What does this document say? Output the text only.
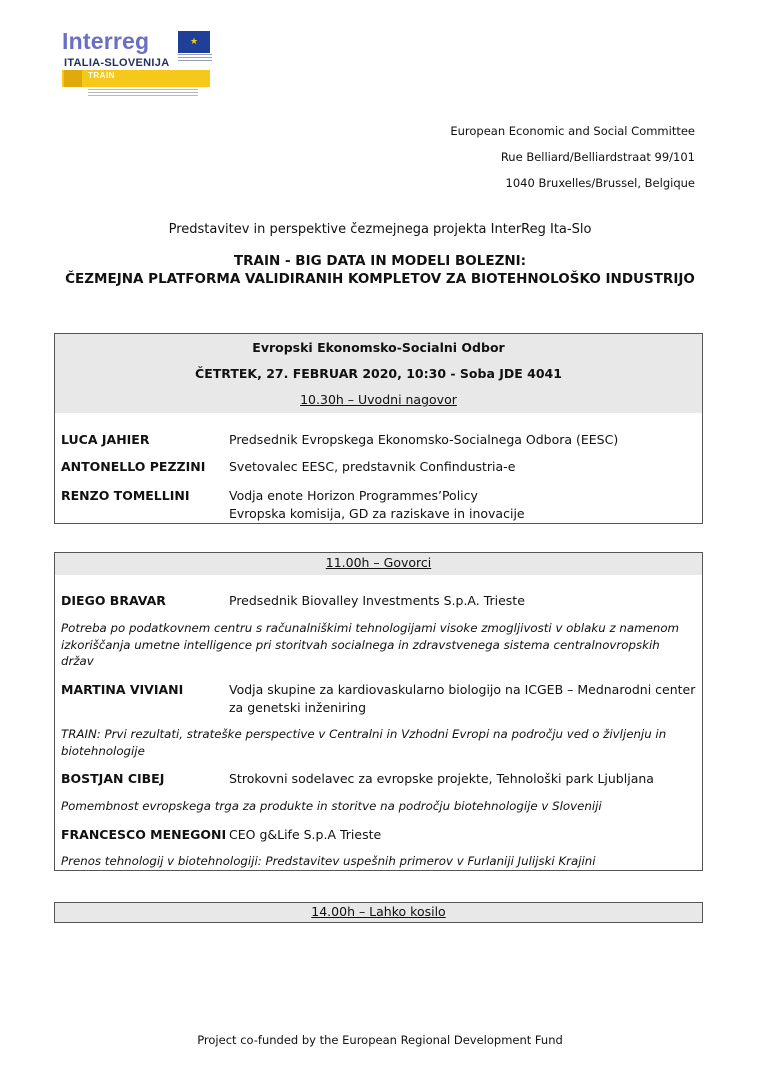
Interreg
★
ITALIA-SLOVENIJA
TRAIN
European Economic and Social Committee
Rue Belliard/Belliardstraat 99/101
1040 Bruxelles/Brussel, Belgique
Predstavitev in perspektive čezmejnega projekta InterReg Ita-Slo
TRAIN - BIG DATA IN MODELI BOLEZNI:
ČEZMEJNA PLATFORMA VALIDIRANIH KOMPLETOV ZA BIOTEHNOLOŠKO INDUSTRIJO
Evropski Ekonomsko-Socialni Odbor
ČETRTEK, 27. FEBRUAR 2020, 10:30 - Soba JDE 4041
10.30h – Uvodni nagovor
LUCA JAHIER	Predsednik Evropskega Ekonomsko-Socialnega Odbora (EESC)
ANTONELLO PEZZINI Svetovalec EESC, predstavnik Confindustria-e
RENZO TOMELLINI	Vodja enote Horizon Programmes’Policy
Evropska komisija, GD za raziskave in inovacije
11.00h – Govorci
DIEGO BRAVAR	Predsednik Biovalley Investments S.p.A. Trieste
Potreba po podatkovnem centru s računalniškimi tehnologijami visoke zmogljivosti v oblaku z namenom izkoriščanja umetne intelligence pri storitvah socialnega in zdravstvenega sistema centralnovropskih držav
MARTINA VIVIANI	Vodja skupine za kardiovaskularno biologijo na ICGEB – Mednarodni center za genetski inženiring
TRAIN: Prvi rezultati, strateške perspective v Centralni in Vzhodni Evropi na področju ved o življenju in biotehnologije
BOSTJAN CIBEJ	Strokovni sodelavec za evropske projekte, Tehnološki park Ljubljana
Pomembnost evropskega trga za produkte in storitve na področju biotehnologije v Sloveniji
FRANCESCO MENEGONI CEO g&Life S.p.A Trieste
Prenos tehnologij v biotehnologiji: Predstavitev uspešnih primerov v Furlaniji Julijski Krajini
14.00h – Lahko kosilo
Project co-funded by the European Regional Development Fund
